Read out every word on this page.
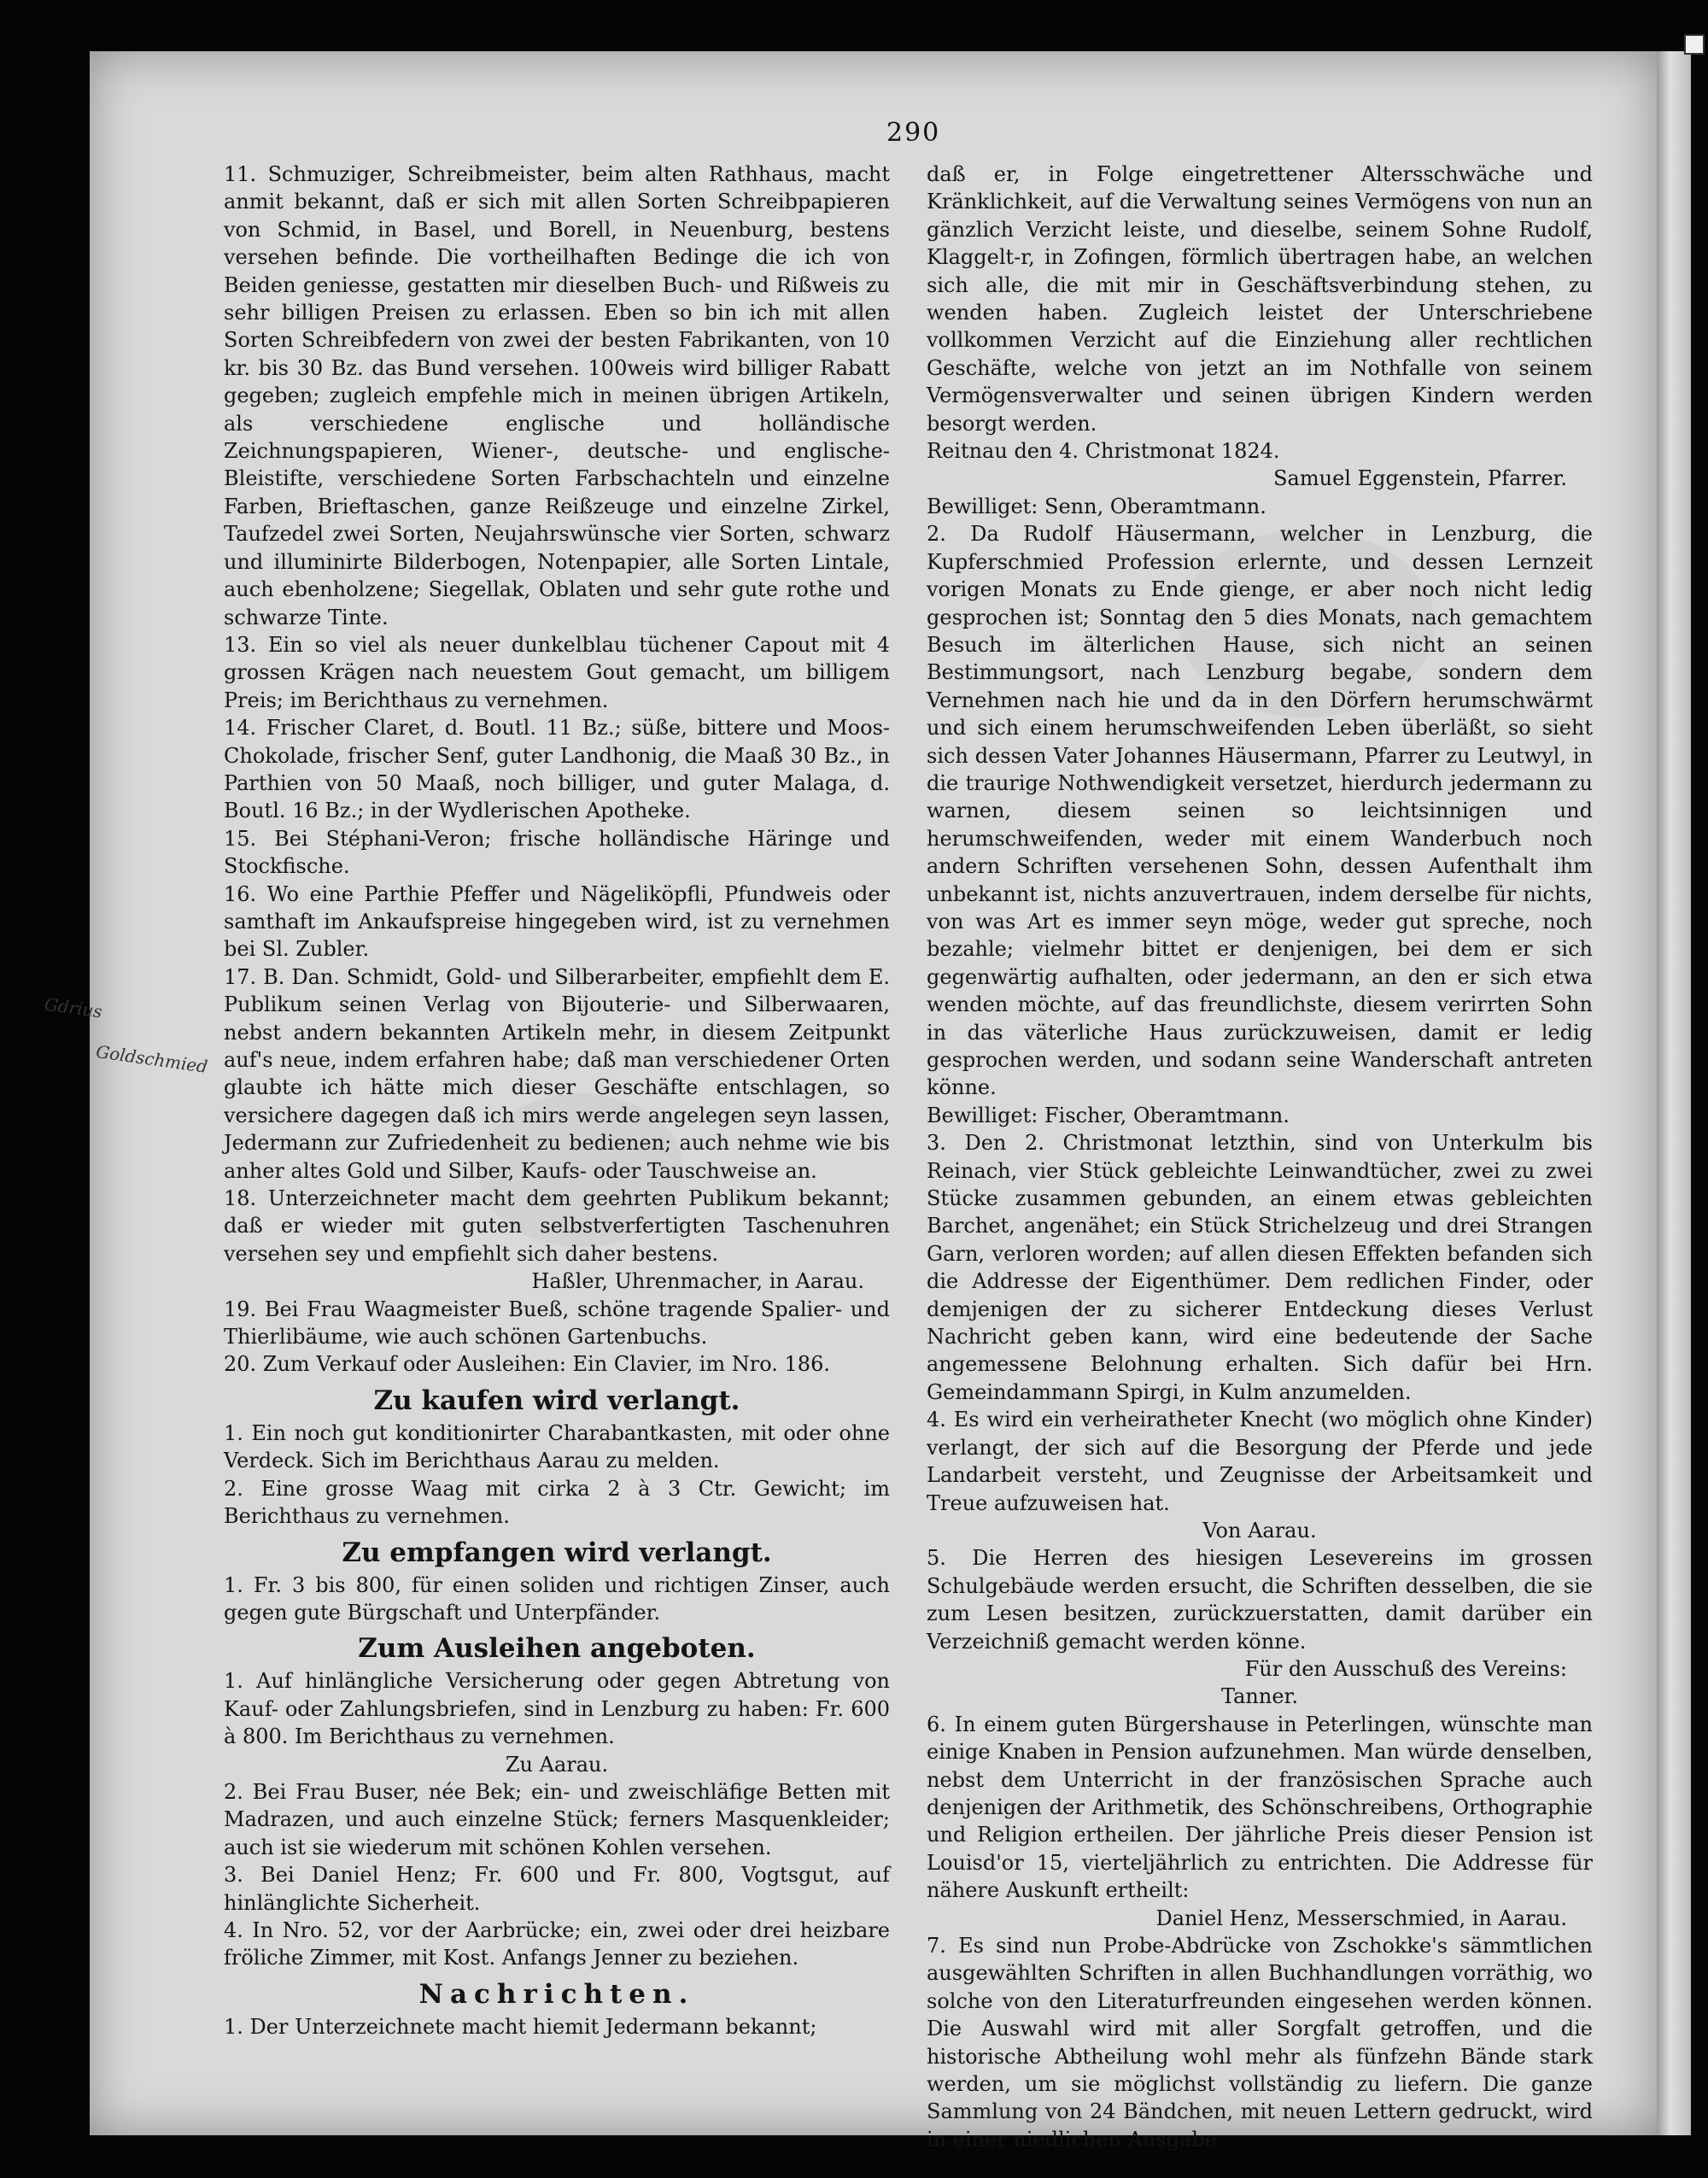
290
Gdrius
Goldschmied

11. Schmuziger, Schreibmeister, beim alten Rathhaus, macht anmit bekannt, daß er sich mit allen Sorten Schreibpapieren von Schmid, in Basel, und Borell, in Neuenburg, bestens versehen befinde. Die vortheilhaften Bedinge die ich von Beiden geniesse, gestatten mir dieselben Buch- und Rißweis zu sehr billigen Preisen zu erlassen. Eben so bin ich mit allen Sorten Schreibfedern von zwei der besten Fabrikanten, von 10 kr. bis 30 Bz. das Bund versehen. 100weis wird billiger Rabatt gegeben; zugleich empfehle mich in meinen übrigen Artikeln, als verschiedene englische und holländische Zeichnungspapieren, Wiener-, deutsche- und englische-Bleistifte, verschiedene Sorten Farbschachteln und einzelne Farben, Brieftaschen, ganze Reißzeuge und einzelne Zirkel, Taufzedel zwei Sorten, Neujahrswünsche vier Sorten, schwarz und illuminirte Bilderbogen, Notenpapier, alle Sorten Lintale, auch ebenholzene; Siegellak, Oblaten und sehr gute rothe und schwarze Tinte.

13. Ein so viel als neuer dunkelblau tüchener Capout mit 4 grossen Krägen nach neuestem Gout gemacht, um billigem Preis; im Berichthaus zu vernehmen.

14. Frischer Claret, d. Boutl. 11 Bz.; süße, bittere und Moos-Chokolade, frischer Senf, guter Landhonig, die Maaß 30 Bz., in Parthien von 50 Maaß, noch billiger, und guter Malaga, d. Boutl. 16 Bz.; in der Wydlerischen Apotheke.

15. Bei Stéphani-Veron; frische holländische Häringe und Stockfische.

16. Wo eine Parthie Pfeffer und Nägeliköpfli, Pfundweis oder samthaft im Ankaufspreise hingegeben wird, ist zu vernehmen bei Sl. Zubler.

17. B. Dan. Schmidt, Gold- und Silberarbeiter, empfiehlt dem E. Publikum seinen Verlag von Bijouterie- und Silberwaaren, nebst andern bekannten Artikeln mehr, in diesem Zeitpunkt auf's neue, indem erfahren habe; daß man verschiedener Orten glaubte ich hätte mich dieser Geschäfte entschlagen, so versichere dagegen daß ich mirs werde angelegen seyn lassen, Jedermann zur Zufriedenheit zu bedienen; auch nehme wie bis anher altes Gold und Silber, Kaufs- oder Tauschweise an.

18. Unterzeichneter macht dem geehrten Publikum bekannt; daß er wieder mit guten selbstverfertigten Taschenuhren versehen sey und empfiehlt sich daher bestens.

Haßler, Uhrenmacher, in Aarau.

19. Bei Frau Waagmeister Bueß, schöne tragende Spalier- und Thierlibäume, wie auch schönen Gartenbuchs.

20. Zum Verkauf oder Ausleihen: Ein Clavier, im Nro. 186.

Zu kaufen wird verlangt.

1. Ein noch gut konditionirter Charabantkasten, mit oder ohne Verdeck. Sich im Berichthaus Aarau zu melden.

2. Eine grosse Waag mit cirka 2 à 3 Ctr. Gewicht; im Berichthaus zu vernehmen.

Zu empfangen wird verlangt.

1. Fr. 3 bis 800, für einen soliden und richtigen Zinser, auch gegen gute Bürgschaft und Unterpfänder.

Zum Ausleihen angeboten.

1. Auf hinlängliche Versicherung oder gegen Abtretung von Kauf- oder Zahlungsbriefen, sind in Lenzburg zu haben: Fr. 600 à 800. Im Berichthaus zu vernehmen.

Zu Aarau.

2. Bei Frau Buser, née Bek; ein- und zweischläfige Betten mit Madrazen, und auch einzelne Stück; ferners Masquenkleider; auch ist sie wiederum mit schönen Kohlen versehen.

3. Bei Daniel Henz; Fr. 600 und Fr. 800, Vogtsgut, auf hinlänglichte Sicherheit.

4. In Nro. 52, vor der Aarbrücke; ein, zwei oder drei heizbare fröliche Zimmer, mit Kost. Anfangs Jenner zu beziehen.

Nachrichten.

1. Der Unterzeichnete macht hiemit Jedermann bekannt;

daß er, in Folge eingetrettener Altersschwäche und Kränklichkeit, auf die Verwaltung seines Vermögens von nun an gänzlich Verzicht leiste, und dieselbe, seinem Sohne Rudolf, Klaggelt-r, in Zofingen, förmlich übertragen habe, an welchen sich alle, die mit mir in Geschäftsverbindung stehen, zu wenden haben. Zugleich leistet der Unterschriebene vollkommen Verzicht auf die Einziehung aller rechtlichen Geschäfte, welche von jetzt an im Nothfalle von seinem Vermögensverwalter und seinen übrigen Kindern werden besorgt werden.

Reitnau den 4. Christmonat 1824.

Samuel Eggenstein, Pfarrer.

Bewilliget: Senn, Oberamtmann.

2. Da Rudolf Häusermann, welcher in Lenzburg, die Kupferschmied Profession erlernte, und dessen Lernzeit vorigen Monats zu Ende gienge, er aber noch nicht ledig gesprochen ist; Sonntag den 5 dies Monats, nach gemachtem Besuch im älterlichen Hause, sich nicht an seinen Bestimmungsort, nach Lenzburg begabe, sondern dem Vernehmen nach hie und da in den Dörfern herumschwärmt und sich einem herumschweifenden Leben überläßt, so sieht sich dessen Vater Johannes Häusermann, Pfarrer zu Leutwyl, in die traurige Nothwendigkeit versetzet, hierdurch jedermann zu warnen, diesem seinen so leichtsinnigen und herumschweifenden, weder mit einem Wanderbuch noch andern Schriften versehenen Sohn, dessen Aufenthalt ihm unbekannt ist, nichts anzuvertrauen, indem derselbe für nichts, von was Art es immer seyn möge, weder gut spreche, noch bezahle; vielmehr bittet er denjenigen, bei dem er sich gegenwärtig aufhalten, oder jedermann, an den er sich etwa wenden möchte, auf das freundlichste, diesem verirrten Sohn in das väterliche Haus zurückzuweisen, damit er ledig gesprochen werden, und sodann seine Wanderschaft antreten könne.

Bewilliget: Fischer, Oberamtmann.

3. Den 2. Christmonat letzthin, sind von Unterkulm bis Reinach, vier Stück gebleichte Leinwandtücher, zwei zu zwei Stücke zusammen gebunden, an einem etwas gebleichten Barchet, angenähet; ein Stück Strichelzeug und drei Strangen Garn, verloren worden; auf allen diesen Effekten befanden sich die Addresse der Eigenthümer. Dem redlichen Finder, oder demjenigen der zu sicherer Entdeckung dieses Verlust Nachricht geben kann, wird eine bedeutende der Sache angemessene Belohnung erhalten. Sich dafür bei Hrn. Gemeindammann Spirgi, in Kulm anzumelden.

4. Es wird ein verheiratheter Knecht (wo möglich ohne Kinder) verlangt, der sich auf die Besorgung der Pferde und jede Landarbeit versteht, und Zeugnisse der Arbeitsamkeit und Treue aufzuweisen hat.

Von Aarau.

5. Die Herren des hiesigen Lesevereins im grossen Schulgebäude werden ersucht, die Schriften desselben, die sie zum Lesen besitzen, zurückzuerstatten, damit darüber ein Verzeichniß gemacht werden könne.

Für den Ausschuß des Vereins:

Tanner.

6. In einem guten Bürgershause in Peterlingen, wünschte man einige Knaben in Pension aufzunehmen. Man würde denselben, nebst dem Unterricht in der französischen Sprache auch denjenigen der Arithmetik, des Schönschreibens, Orthographie und Religion ertheilen. Der jährliche Preis dieser Pension ist Louisd'or 15, vierteljährlich zu entrichten. Die Addresse für nähere Auskunft ertheilt:

Daniel Henz, Messerschmied, in Aarau.

7. Es sind nun Probe-Abdrücke von Zschokke's sämmtlichen ausgewählten Schriften in allen Buchhandlungen vorräthig, wo solche von den Literaturfreunden eingesehen werden können. Die Auswahl wird mit aller Sorgfalt getroffen, und die historische Abtheilung wohl mehr als fünfzehn Bände stark werden, um sie möglichst vollständig zu liefern. Die ganze Sammlung von 24 Bändchen, mit neuen Lettern gedruckt, wird in einer niedlichen Ausgabe
